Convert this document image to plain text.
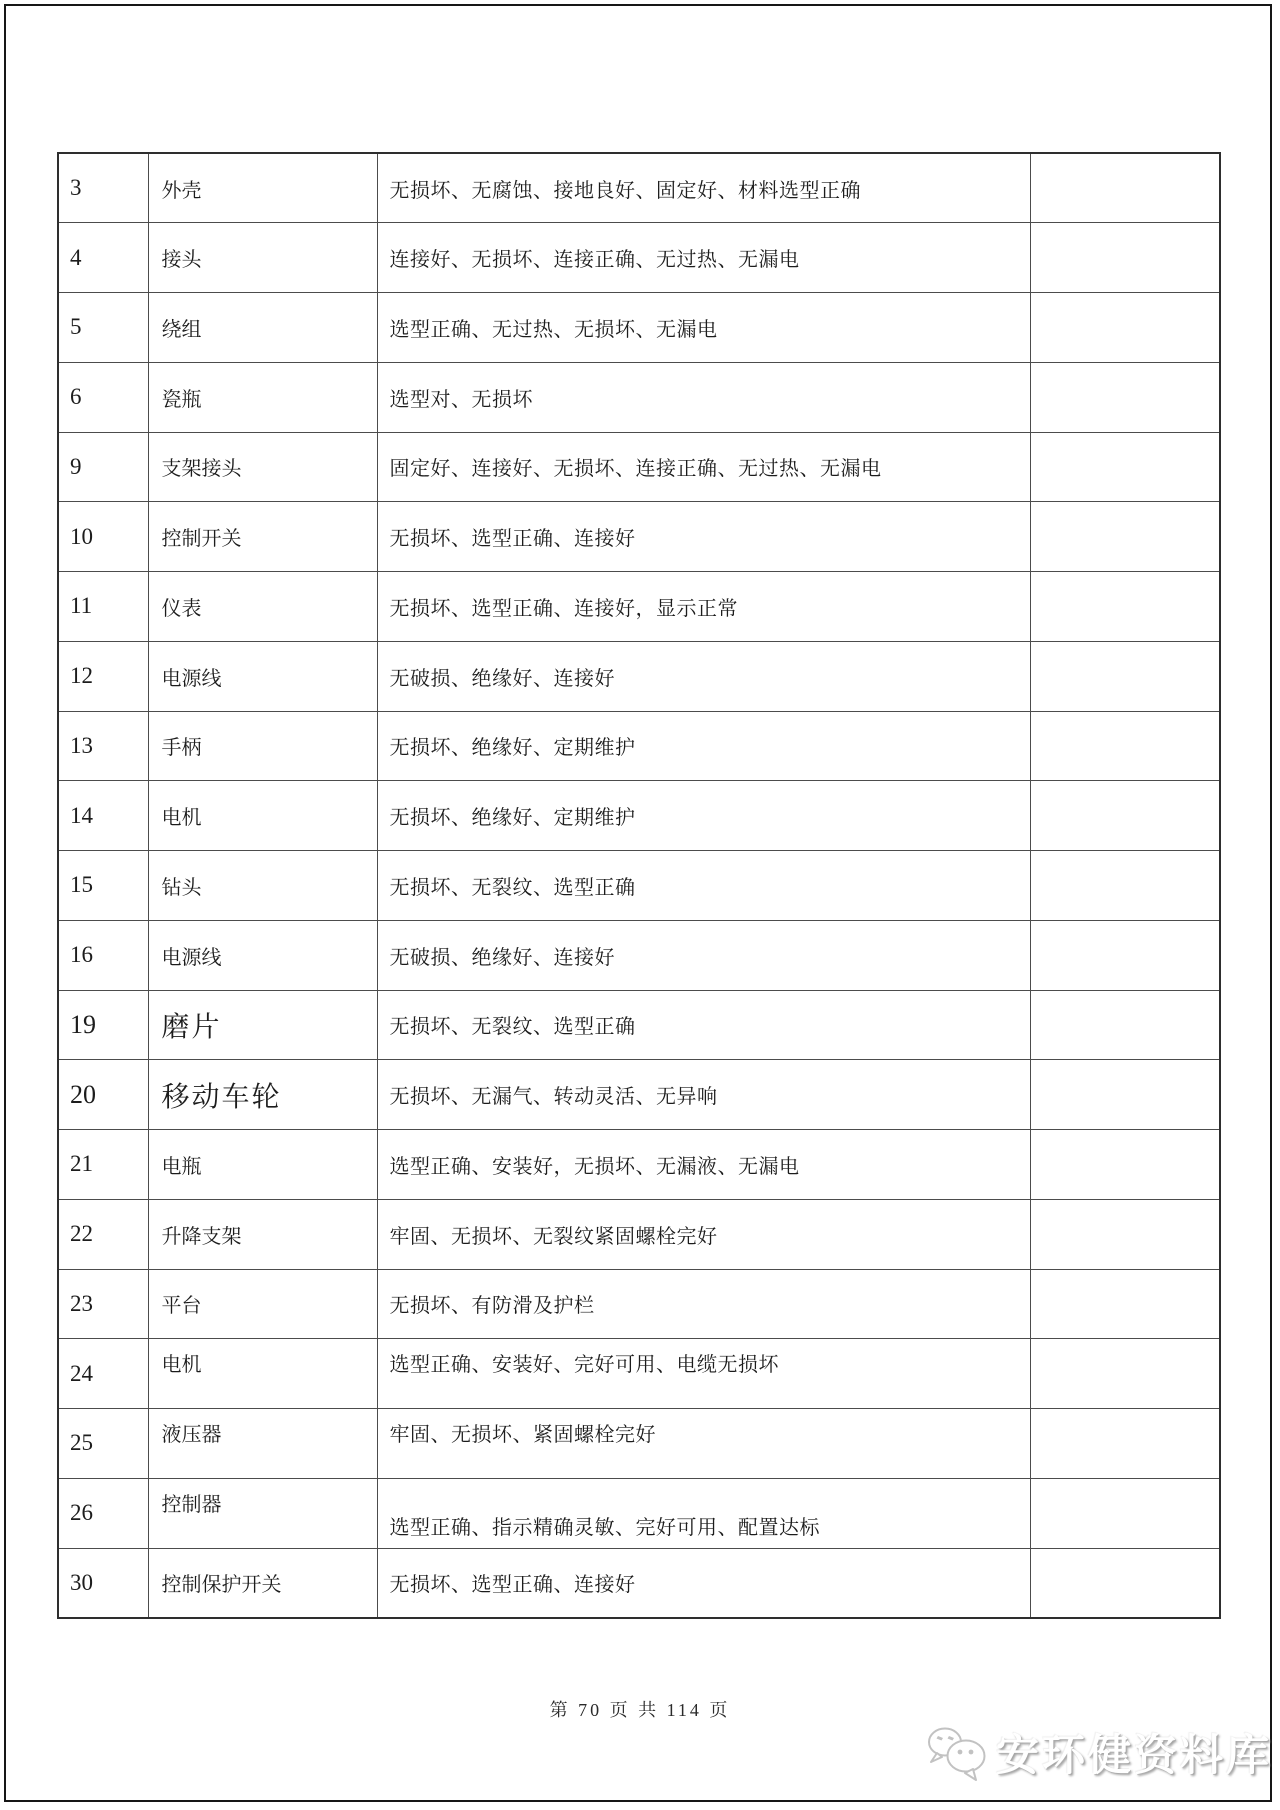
3	外壳	无损坏、无腐蚀、接地良好、固定好、材料选型正确	
4	接头	连接好、无损坏、连接正确、无过热、无漏电	
5	绕组	选型正确、无过热、无损坏、无漏电	
6	瓷瓶	选型对、无损坏	
9	支架接头	固定好、连接好、无损坏、连接正确、无过热、无漏电	
10	控制开关	无损坏、选型正确、连接好	
11	仪表	无损坏、选型正确、连接好，显示正常	
12	电源线	无破损、绝缘好、连接好	
13	手柄	无损坏、绝缘好、定期维护	
14	电机	无损坏、绝缘好、定期维护	
15	钻头	无损坏、无裂纹、选型正确	
16	电源线	无破损、绝缘好、连接好	
19	磨片	无损坏、无裂纹、选型正确	
20	移动车轮	无损坏、无漏气、转动灵活、无异响	
21	电瓶	选型正确、安装好，无损坏、无漏液、无漏电	
22	升降支架	牢固、无损坏、无裂纹紧固螺栓完好	
23	平台	无损坏、有防滑及护栏	
24	电机	选型正确、安装好、完好可用、电缆无损坏	
25	液压器	牢固、无损坏、紧固螺栓完好	
26	控制器	选型正确、指示精确灵敏、完好可用、配置达标	
30	控制保护开关	无损坏、选型正确、连接好	
第 70 页 共 114 页
安环健资料库
